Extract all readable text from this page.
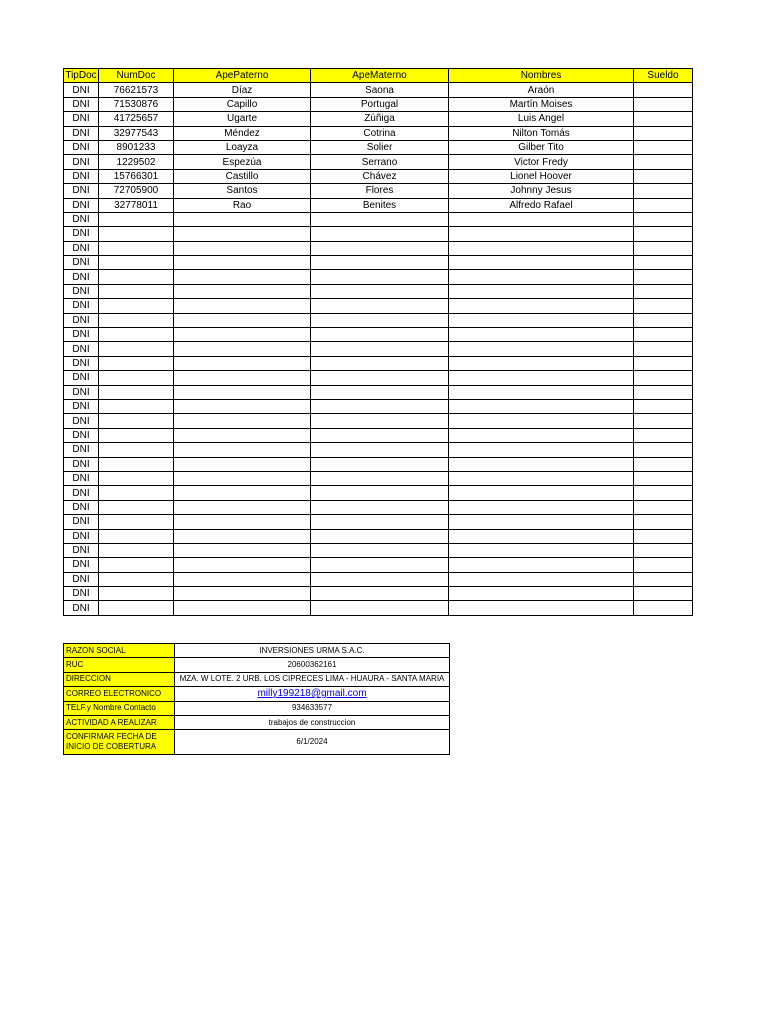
TipDoc	NumDoc	ApePaterno	ApeMaterno	Nombres	Sueldo
DNI	76621573	Díaz	Saona	Araón	
DNI	71530876	Capillo	Portugal	Martín Moises	
DNI	41725657	Ugarte	Zúñiga	Luis Angel	
DNI	32977543	Méndez	Cotrina	Nilton Tomás	
DNI	8901233	Loayza	Solier	Gilber Tito	
DNI	1229502	Espezúa	Serrano	Victor Fredy	
DNI	15766301	Castillo	Chávez	Lionel Hoover	
DNI	72705900	Santos	Flores	Johnny Jesus	
DNI	32778011	Rao	Benites	Alfredo Rafael	
DNI					
DNI					
DNI					
DNI					
DNI					
DNI					
DNI					
DNI					
DNI					
DNI					
DNI					
DNI					
DNI					
DNI					
DNI					
DNI					
DNI					
DNI					
DNI					
DNI					
DNI					
DNI					
DNI					
DNI					
DNI					
DNI					
DNI					
DNI					
RAZON SOCIAL	INVERSIONES URMA S.A.C.
RUC	20600362161
DIRECCION	MZA. W LOTE. 2 URB. LOS CIPRECES LIMA - HUAURA - SANTA MARIA
CORREO ELECTRONICO	milly199218@gmail.com
TELF.y Nombre Contacto	934633577
ACTIVIDAD A REALIZAR	trabajos de construccion
CONFIRMAR FECHA DE INICIO DE COBERTURA	6/1/2024
